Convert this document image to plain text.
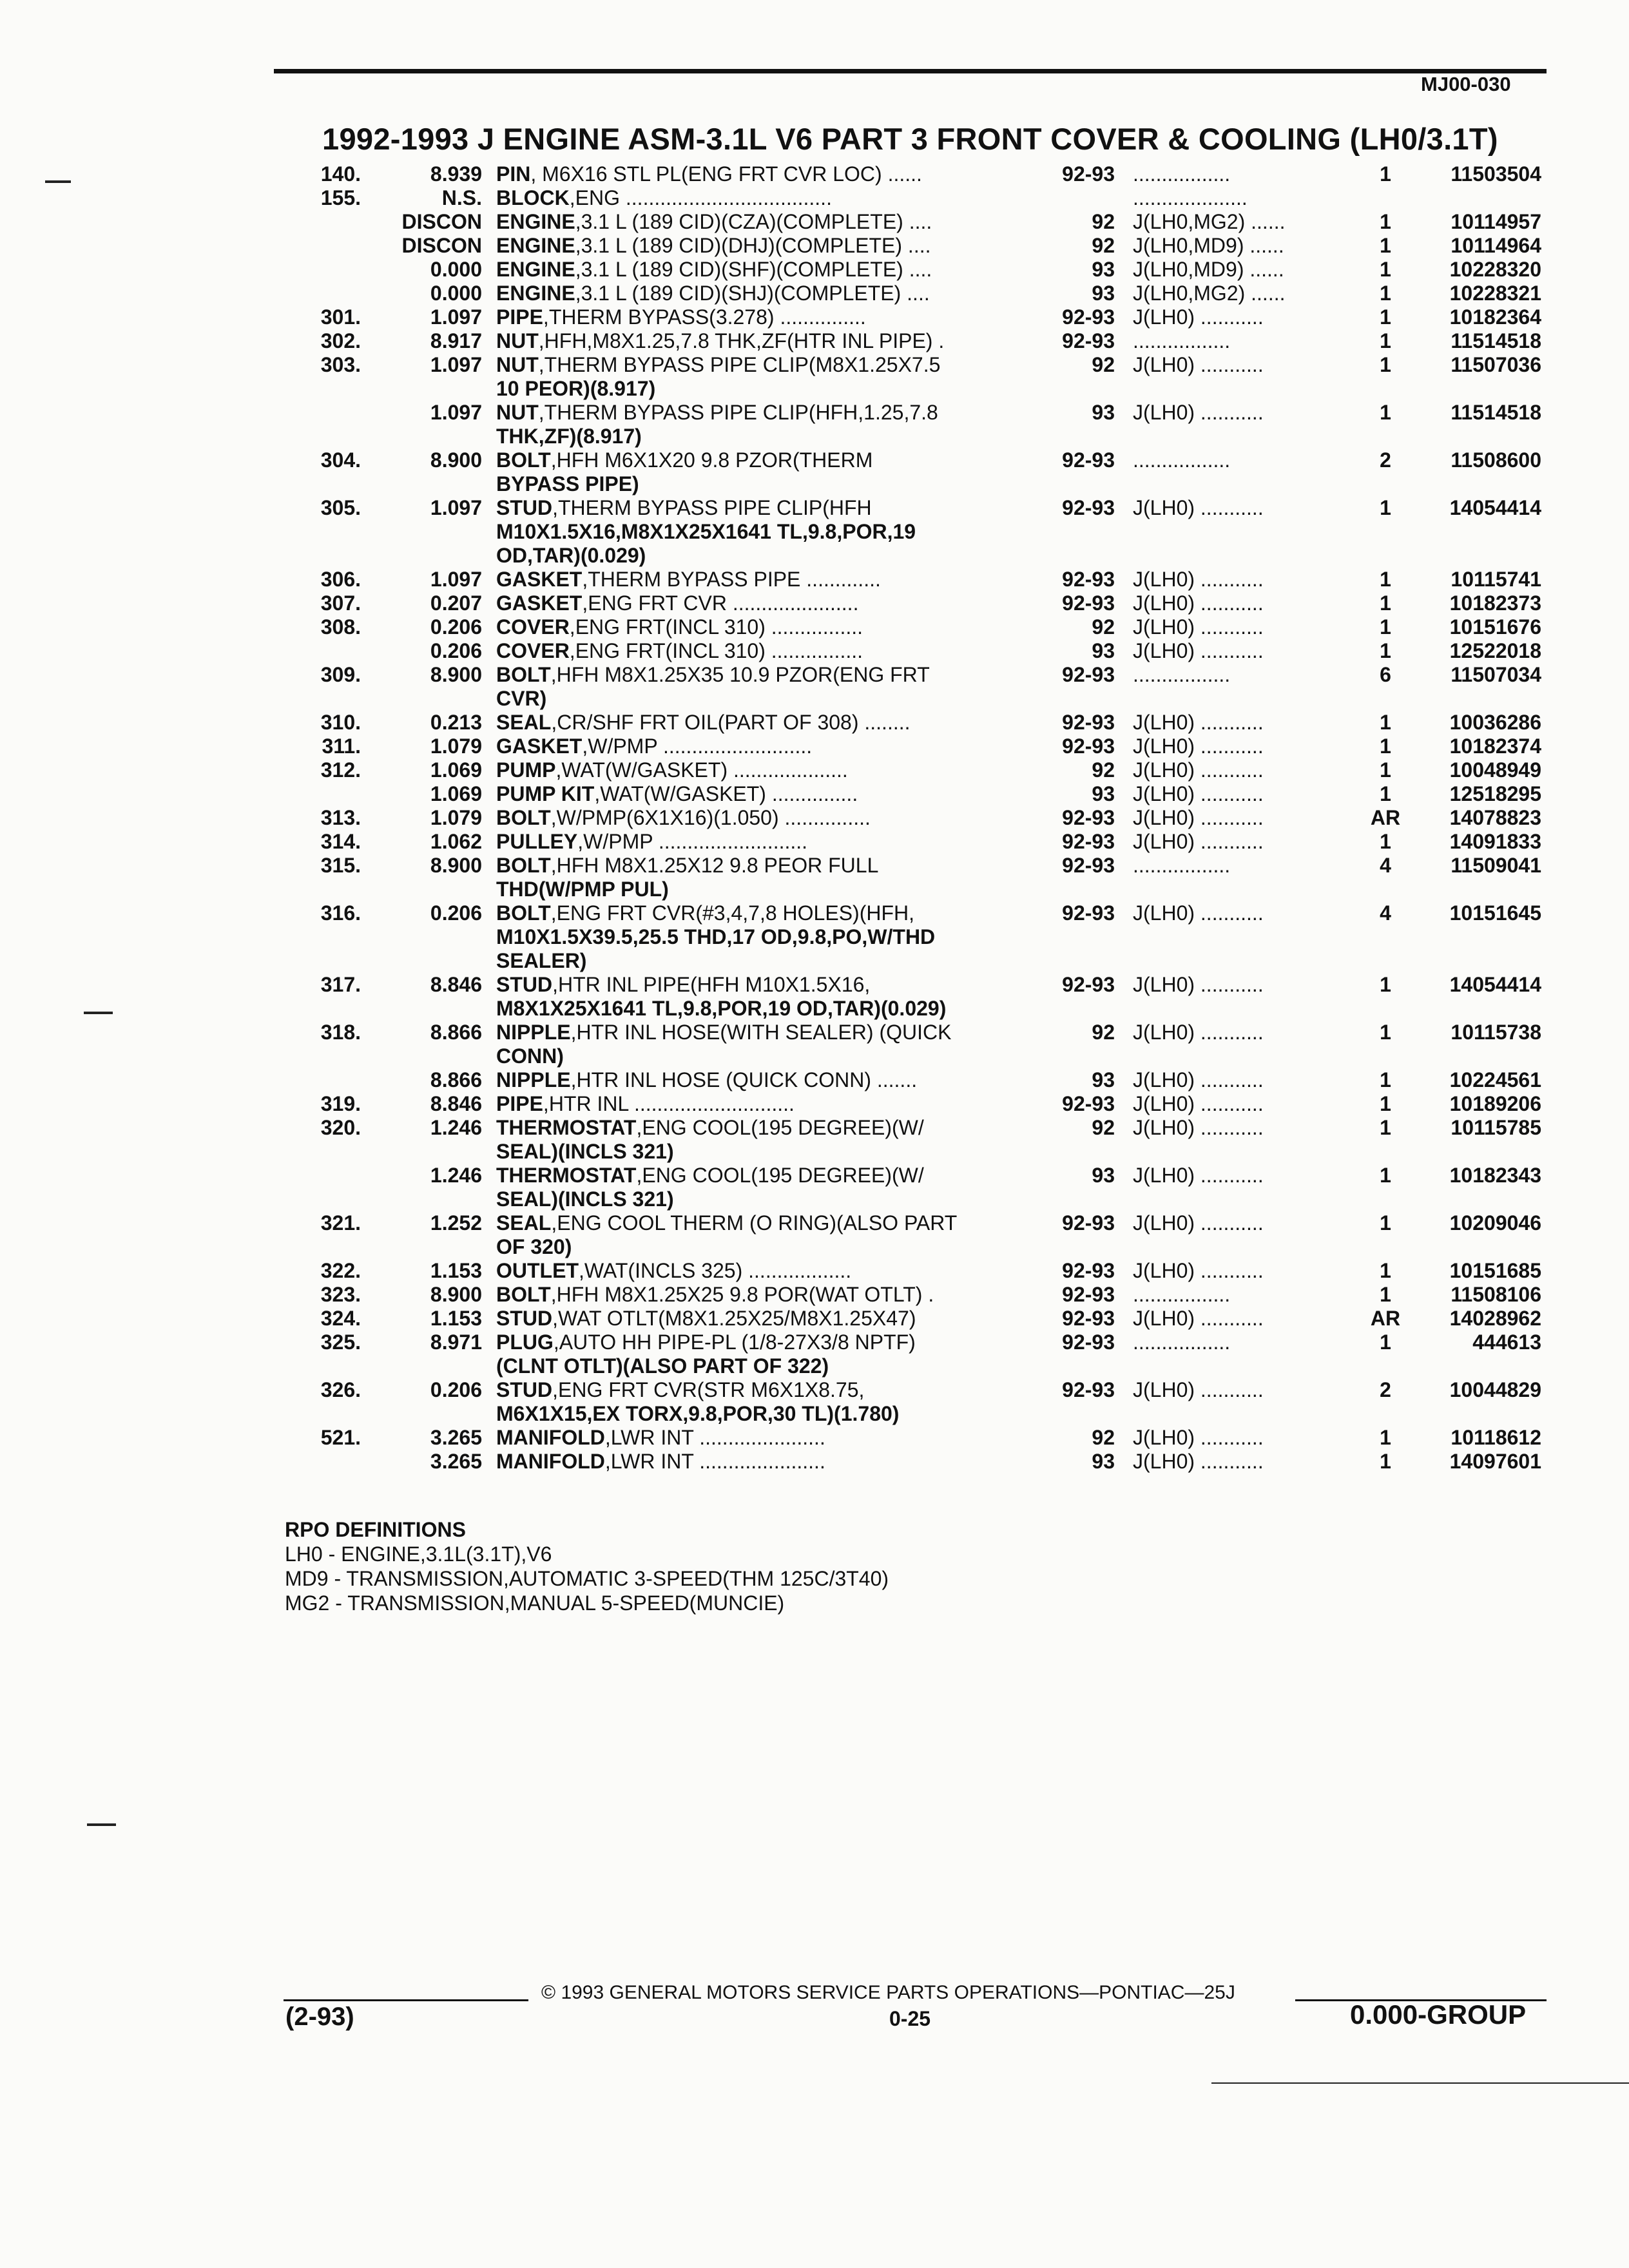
MJ00-030
1992-1993 J ENGINE ASM-3.1L V6 PART 3 FRONT COVER & COOLING (LH0/3.1T)
140.	8.939 PIN, M6X16 STL PL(ENG FRT CVR LOC) ......	92-93 .................	1	11503504
155.	N.S. BLOCK,ENG ....................................	....................
DISCON ENGINE,3.1 L (189 CID)(CZA)(COMPLETE) ....	92 J(LH0,MG2) ......	1	10114957
DISCON ENGINE,3.1 L (189 CID)(DHJ)(COMPLETE) ....	92 J(LH0,MD9) ......	1	10114964
0.000 ENGINE,3.1 L (189 CID)(SHF)(COMPLETE) ....	93 J(LH0,MD9) ......	1	10228320
0.000 ENGINE,3.1 L (189 CID)(SHJ)(COMPLETE) ....	93 J(LH0,MG2) ......	1	10228321
301.	1.097 PIPE,THERM BYPASS(3.278) ...............	92-93 J(LH0) ...........	1	10182364
302.	8.917 NUT,HFH,M8X1.25,7.8 THK,ZF(HTR INL PIPE) .	92-93 .................	1	11514518
303.	1.097 NUT,THERM BYPASS PIPE CLIP(M8X1.25X7.5	92 J(LH0) ...........	1	11507036
10 PEOR)(8.917)
1.097 NUT,THERM BYPASS PIPE CLIP(HFH,1.25,7.8	93 J(LH0) ...........	1	11514518
THK,ZF)(8.917)
304.	8.900 BOLT,HFH M6X1X20 9.8 PZOR(THERM	92-93 .................	2	11508600
BYPASS PIPE)
305.	1.097 STUD,THERM BYPASS PIPE CLIP(HFH	92-93 J(LH0) ...........	1	14054414
M10X1.5X16,M8X1X25X1641 TL,9.8,POR,19
OD,TAR)(0.029)
306.	1.097 GASKET,THERM BYPASS PIPE .............	92-93 J(LH0) ...........	1	10115741
307.	0.207 GASKET,ENG FRT CVR ......................	92-93 J(LH0) ...........	1	10182373
308.	0.206 COVER,ENG FRT(INCL 310) ................	92 J(LH0) ...........	1	10151676
0.206 COVER,ENG FRT(INCL 310) ................	93 J(LH0) ...........	1	12522018
309.	8.900 BOLT,HFH M8X1.25X35 10.9 PZOR(ENG FRT	92-93 .................	6	11507034
CVR)
310.	0.213 SEAL,CR/SHF FRT OIL(PART OF 308) ........	92-93 J(LH0) ...........	1	10036286
311.	1.079 GASKET,W/PMP ..........................	92-93 J(LH0) ...........	1	10182374
312.	1.069 PUMP,WAT(W/GASKET) ....................	92 J(LH0) ...........	1	10048949
1.069 PUMP KIT,WAT(W/GASKET) ...............	93 J(LH0) ...........	1	12518295
313.	1.079 BOLT,W/PMP(6X1X16)(1.050) ...............	92-93 J(LH0) ...........	AR	14078823
314.	1.062 PULLEY,W/PMP ..........................	92-93 J(LH0) ...........	1	14091833
315.	8.900 BOLT,HFH M8X1.25X12 9.8 PEOR FULL	92-93 .................	4	11509041
THD(W/PMP PUL)
316.	0.206 BOLT,ENG FRT CVR(#3,4,7,8 HOLES)(HFH,	92-93 J(LH0) ...........	4	10151645
M10X1.5X39.5,25.5 THD,17 OD,9.8,PO,W/THD
SEALER)
317.	8.846 STUD,HTR INL PIPE(HFH M10X1.5X16,	92-93 J(LH0) ...........	1	14054414
M8X1X25X1641 TL,9.8,POR,19 OD,TAR)(0.029)
318.	8.866 NIPPLE,HTR INL HOSE(WITH SEALER) (QUICK	92 J(LH0) ...........	1	10115738
CONN)
8.866 NIPPLE,HTR INL HOSE (QUICK CONN) .......	93 J(LH0) ...........	1	10224561
319.	8.846 PIPE,HTR INL ............................	92-93 J(LH0) ...........	1	10189206
320.	1.246 THERMOSTAT,ENG COOL(195 DEGREE)(W/	92 J(LH0) ...........	1	10115785
SEAL)(INCLS 321)
1.246 THERMOSTAT,ENG COOL(195 DEGREE)(W/	93 J(LH0) ...........	1	10182343
SEAL)(INCLS 321)
321.	1.252 SEAL,ENG COOL THERM (O RING)(ALSO PART	92-93 J(LH0) ...........	1	10209046
OF 320)
322.	1.153 OUTLET,WAT(INCLS 325) ..................	92-93 J(LH0) ...........	1	10151685
323.	8.900 BOLT,HFH M8X1.25X25 9.8 POR(WAT OTLT) .	92-93 .................	1	11508106
324.	1.153 STUD,WAT OTLT(M8X1.25X25/M8X1.25X47)	92-93 J(LH0) ...........	AR	14028962
325.	8.971 PLUG,AUTO HH PIPE-PL (1/8-27X3/8 NPTF)	92-93 .................	1	444613
(CLNT OTLT)(ALSO PART OF 322)
326.	0.206 STUD,ENG FRT CVR(STR M6X1X8.75,	92-93 J(LH0) ...........	2	10044829
M6X1X15,EX TORX,9.8,POR,30 TL)(1.780)
521.	3.265 MANIFOLD,LWR INT ......................	92 J(LH0) ...........	1	10118612
3.265 MANIFOLD,LWR INT ......................	93 J(LH0) ...........	1	14097601
RPO DEFINITIONS
LH0 - ENGINE,3.1L(3.1T),V6
MD9 - TRANSMISSION,AUTOMATIC 3-SPEED(THM 125C/3T40)
MG2 - TRANSMISSION,MANUAL 5-SPEED(MUNCIE)
© 1993 GENERAL MOTORS SERVICE PARTS OPERATIONS—PONTIAC—25J
0-25
(2-93)	0.000-GROUP
